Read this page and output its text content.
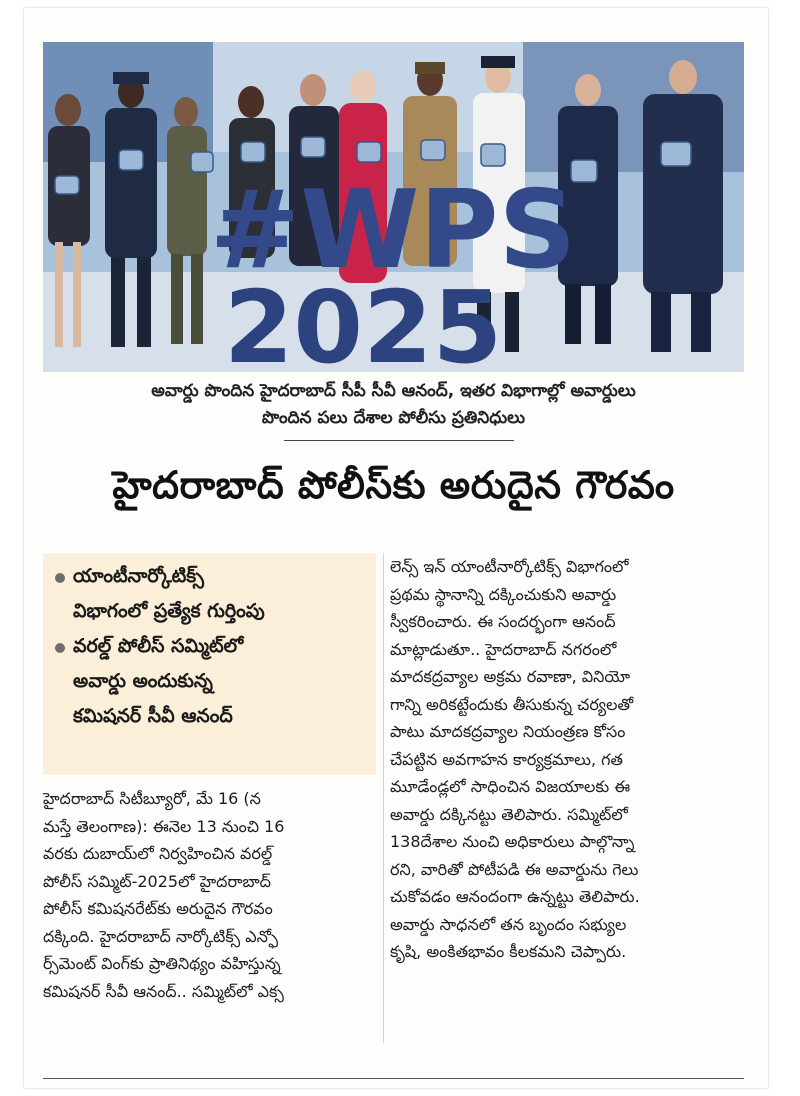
#WPS
2025
అవార్డు పొందిన హైదరాబాద్ సీపీ సీవీ ఆనంద్, ఇతర విభాగాల్లో అవార్డులు
పొందిన పలు దేశాల పోలీసు ప్రతినిధులు
హైదరాబాద్ పోలీస్‌కు అరుదైన గౌరవం
యాంటీనార్కోటిక్స్
విభాగంలో ప్రత్యేక గుర్తింపు
వరల్డ్ పోలీస్ సమ్మిట్‌లో
అవార్డు అందుకున్న
కమిషనర్ సీవీ ఆనంద్
హైదరాబాద్ సిటీబ్యూరో, మే 16 (న
మస్తే తెలంగాణ): ఈనెల 13 నుంచి 16
వరకు దుబాయ్‌లో నిర్వహించిన వరల్డ్
పోలీస్ సమ్మిట్‌-2025లో హైదరాబాద్
పోలీస్ కమిషనరేట్‌కు అరుదైన గౌరవం
దక్కింది. హైదరాబాద్ నార్కోటిక్స్ ఎన్ఫో
ర్స్‌మెంట్ వింగ్‌కు ప్రాతినిథ్యం వహిస్తున్న
కమిషనర్ సీవీ ఆనంద్.. సమ్మిట్‌లో ఎక్స
లెన్స్ ఇన్ యాంటీనార్కోటిక్స్ విభాగంలో
ప్రథమ స్థానాన్ని దక్కించుకుని అవార్డు
స్వీకరించారు. ఈ సందర్భంగా ఆనంద్
మాట్లాడుతూ.. హైదరాబాద్ నగరంలో
మాదకద్రవ్యాల అక్రమ రవాణా, వినియో
గాన్ని అరికట్టేందుకు తీసుకున్న చర్యలతో
పాటు మాదకద్రవ్యాల నియంత్రణ కోసం
చేపట్టిన అవగాహన కార్యక్రమాలు, గత
మూడేండ్లలో సాధించిన విజయాలకు ఈ
అవార్డు దక్కినట్టు తెలిపారు. సమ్మిట్‌లో
138దేశాల నుంచి అధికారులు పాల్గొన్నా
రని, వారితో పోటీపడి ఈ అవార్డును గెలు
చుకోవడం ఆనందంగా ఉన్నట్టు తెలిపారు.
అవార్డు సాధనలో తన బృందం సభ్యుల
కృషి, అంకితభావం కీలకమని చెప్పారు.
